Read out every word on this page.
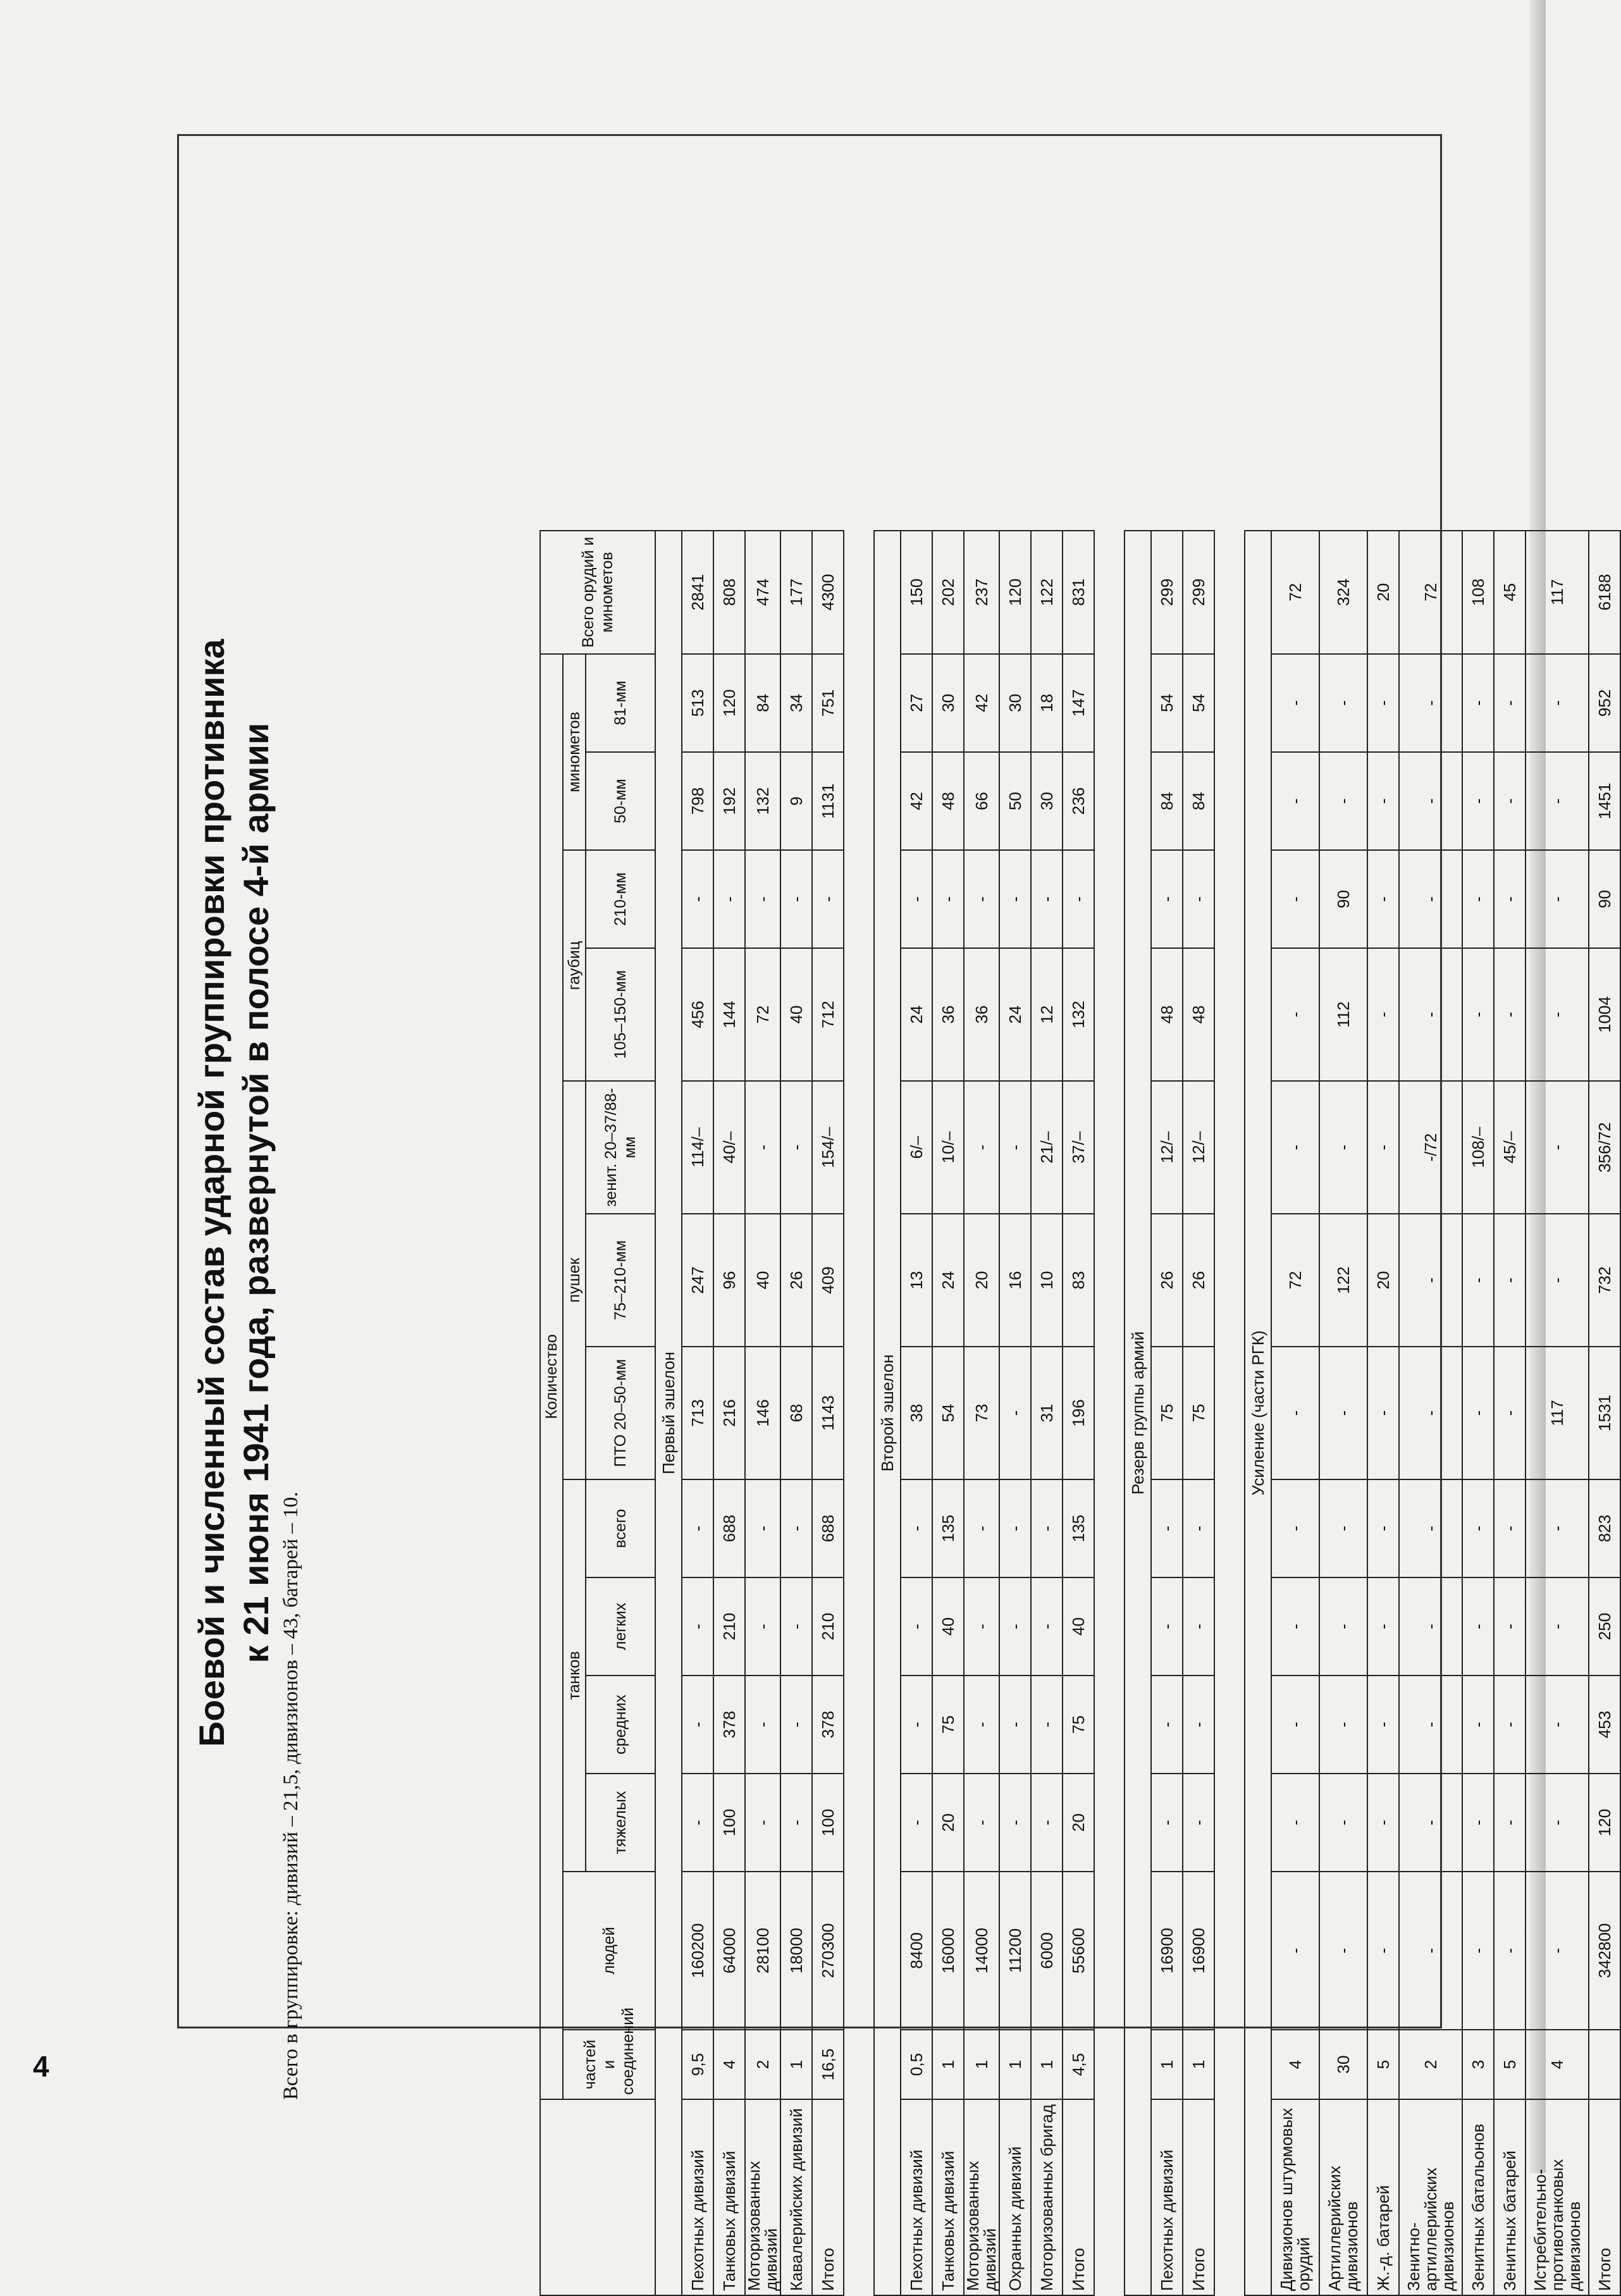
4
Боевой и численный состав ударной группировки противника к 21 июня 1941 года, развернутой в полосе 4-й армии
		Количество													Всего орудий и минометов
	частей и соединений	людей	танков				пушек			гаубиц		минометов		
			тяжелых	средних	легких	всего	ПТО 20–50-мм	75–210-мм	зенит. 20–37/88-мм	105–150-мм	210-мм	50-мм	81-мм	
Первый эшелон														
Пехотных дивизий	9,5	160200	-	-	-	-	713	247	114/–	456	-	798	513	2841
Танковых дивизий	4	64000	100	378	210	688	216	96	40/–	144	-	192	120	808
Моторизованных дивизий	2	28100	-	-	-	-	146	40	-	72	-	132	84	474
Кавалерийских дивизий	1	18000	-	-	-	-	68	26	-	40	-	9	34	177
Итого	16,5	270300	100	378	210	688	1143	409	154/–	712	-	1131	751	4300

Второй эшелон														
Пехотных дивизий	0,5	8400	-	-	-	-	38	13	6/–	24	-	42	27	150
Танковых дивизий	1	16000	20	75	40	135	54	24	10/–	36	-	48	30	202
Моторизованных дивизий	1	14000	-	-	-	-	73	20	-	36	-	66	42	237
Охранных дивизий	1	11200	-	-	-	-	-	16	-	24	-	50	30	120
Моторизованных бригад	1	6000	-	-	-	-	31	10	21/–	12	-	30	18	122
Итого	4,5	55600	20	75	40	135	196	83	37/–	132	-	236	147	831

Резерв группы армий														
Пехотных дивизий	1	16900	-	-	-	-	75	26	12/–	48	-	84	54	299
Итого	1	16900	-	-	-	-	75	26	12/–	48	-	84	54	299

Усиление (части РГК)														
Дивизионов штурмовых орудий	4	-	-	-	-	-	-	72	-	-	-	-	-	72
Артиллерийских дивизионов	30	-	-	-	-	-	-	122	-	112	90	-	-	324
Ж.-д. батарей	5	-	-	-	-	-	-	20	-	-	-	-	-	20
Зенитно-артиллерийских дивизионов	2	-	-	-	-	-	-	-	-/72	-	-	-	-	72
Зенитных батальонов	3	-	-	-	-	-	-	-	108/–	-	-	-	-	108
Зенитных батарей	5	-	-	-	-	-	-	-	45/–	-	-	-	-	45
Истребительно-противотанковых дивизионов	4	-	-	-	-	-	117	-	-	-	-	-	-	117
Итого		342800	120	453	250	823	1531	732	356/72	1004	90	1451	952	6188
Всего в группировке: дивизий – 21,5, дивизионов – 43, батарей – 10.
